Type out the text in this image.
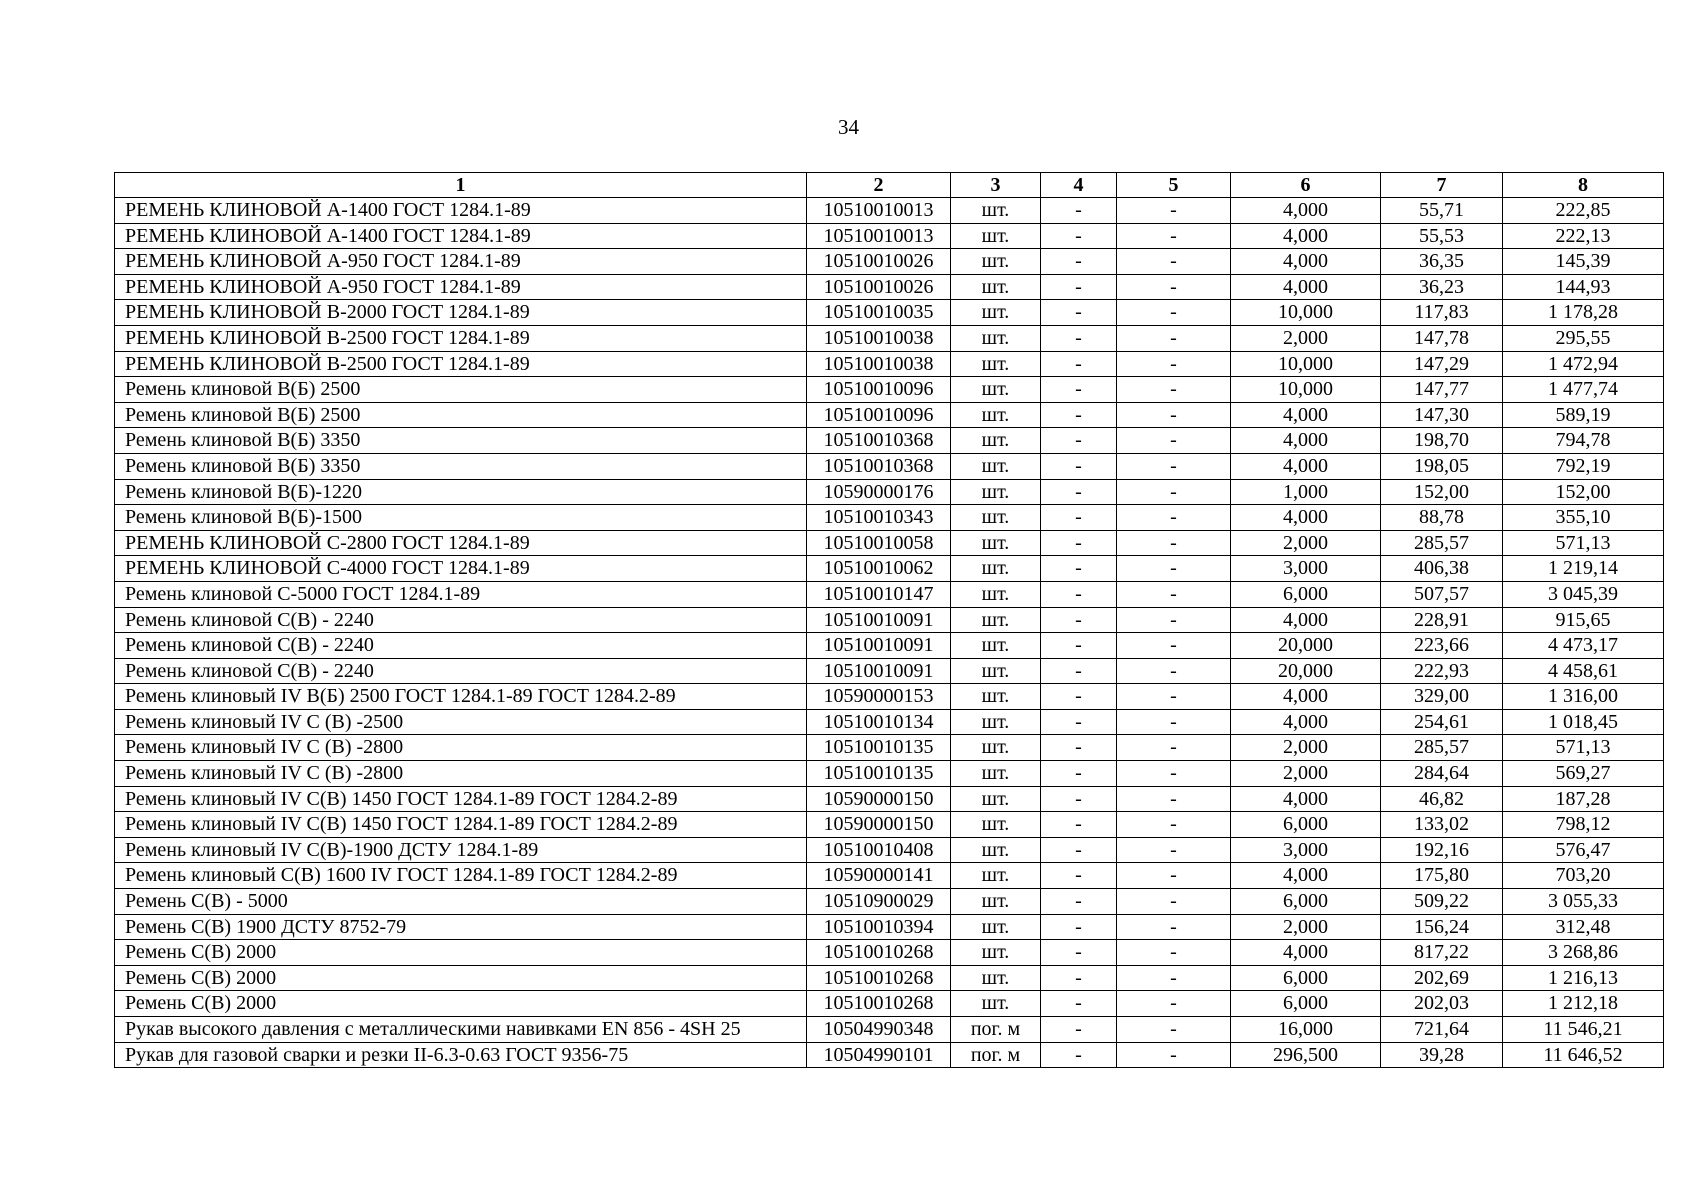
34
1	2	3	4	5	6	7	8
РЕМЕНЬ КЛИНОВОЙ А-1400 ГОСТ 1284.1-89	10510010013	шт.	-	-	4,000	55,71	222,85
РЕМЕНЬ КЛИНОВОЙ А-1400 ГОСТ 1284.1-89	10510010013	шт.	-	-	4,000	55,53	222,13
РЕМЕНЬ КЛИНОВОЙ А-950 ГОСТ 1284.1-89	10510010026	шт.	-	-	4,000	36,35	145,39
РЕМЕНЬ КЛИНОВОЙ А-950 ГОСТ 1284.1-89	10510010026	шт.	-	-	4,000	36,23	144,93
РЕМЕНЬ КЛИНОВОЙ В-2000 ГОСТ 1284.1-89	10510010035	шт.	-	-	10,000	117,83	1 178,28
РЕМЕНЬ КЛИНОВОЙ В-2500 ГОСТ 1284.1-89	10510010038	шт.	-	-	2,000	147,78	295,55
РЕМЕНЬ КЛИНОВОЙ В-2500 ГОСТ 1284.1-89	10510010038	шт.	-	-	10,000	147,29	1 472,94
Ремень клиновой В(Б) 2500	10510010096	шт.	-	-	10,000	147,77	1 477,74
Ремень клиновой В(Б) 2500	10510010096	шт.	-	-	4,000	147,30	589,19
Ремень клиновой В(Б) 3350	10510010368	шт.	-	-	4,000	198,70	794,78
Ремень клиновой В(Б) 3350	10510010368	шт.	-	-	4,000	198,05	792,19
Ремень клиновой В(Б)-1220	10590000176	шт.	-	-	1,000	152,00	152,00
Ремень клиновой В(Б)-1500	10510010343	шт.	-	-	4,000	88,78	355,10
РЕМЕНЬ КЛИНОВОЙ С-2800 ГОСТ 1284.1-89	10510010058	шт.	-	-	2,000	285,57	571,13
РЕМЕНЬ КЛИНОВОЙ С-4000 ГОСТ 1284.1-89	10510010062	шт.	-	-	3,000	406,38	1 219,14
Ремень клиновой С-5000 ГОСТ 1284.1-89	10510010147	шт.	-	-	6,000	507,57	3 045,39
Ремень клиновой С(В) - 2240	10510010091	шт.	-	-	4,000	228,91	915,65
Ремень клиновой С(В) - 2240	10510010091	шт.	-	-	20,000	223,66	4 473,17
Ремень клиновой С(В) - 2240	10510010091	шт.	-	-	20,000	222,93	4 458,61
Ремень клиновый IV В(Б) 2500 ГОСТ 1284.1-89 ГОСТ 1284.2-89	10590000153	шт.	-	-	4,000	329,00	1 316,00
Ремень клиновый IV С (В) -2500	10510010134	шт.	-	-	4,000	254,61	1 018,45
Ремень клиновый IV С (В) -2800	10510010135	шт.	-	-	2,000	285,57	571,13
Ремень клиновый IV С (В) -2800	10510010135	шт.	-	-	2,000	284,64	569,27
Ремень клиновый IV С(В) 1450 ГОСТ 1284.1-89 ГОСТ 1284.2-89	10590000150	шт.	-	-	4,000	46,82	187,28
Ремень клиновый IV С(В) 1450 ГОСТ 1284.1-89 ГОСТ 1284.2-89	10590000150	шт.	-	-	6,000	133,02	798,12
Ремень клиновый IV С(В)-1900 ДСТУ 1284.1-89	10510010408	шт.	-	-	3,000	192,16	576,47
Ремень клиновый С(В) 1600 IV ГОСТ 1284.1-89 ГОСТ 1284.2-89	10590000141	шт.	-	-	4,000	175,80	703,20
Ремень С(В) - 5000	10510900029	шт.	-	-	6,000	509,22	3 055,33
Ремень С(В) 1900 ДСТУ 8752-79	10510010394	шт.	-	-	2,000	156,24	312,48
Ремень С(В) 2000	10510010268	шт.	-	-	4,000	817,22	3 268,86
Ремень С(В) 2000	10510010268	шт.	-	-	6,000	202,69	1 216,13
Ремень С(В) 2000	10510010268	шт.	-	-	6,000	202,03	1 212,18
Рукав высокого давления с металлическими навивками EN 856 - 4SH 25	10504990348	пог. м	-	-	16,000	721,64	11 546,21
Рукав для газовой сварки и резки II-6.3-0.63 ГОСТ 9356-75	10504990101	пог. м	-	-	296,500	39,28	11 646,52
